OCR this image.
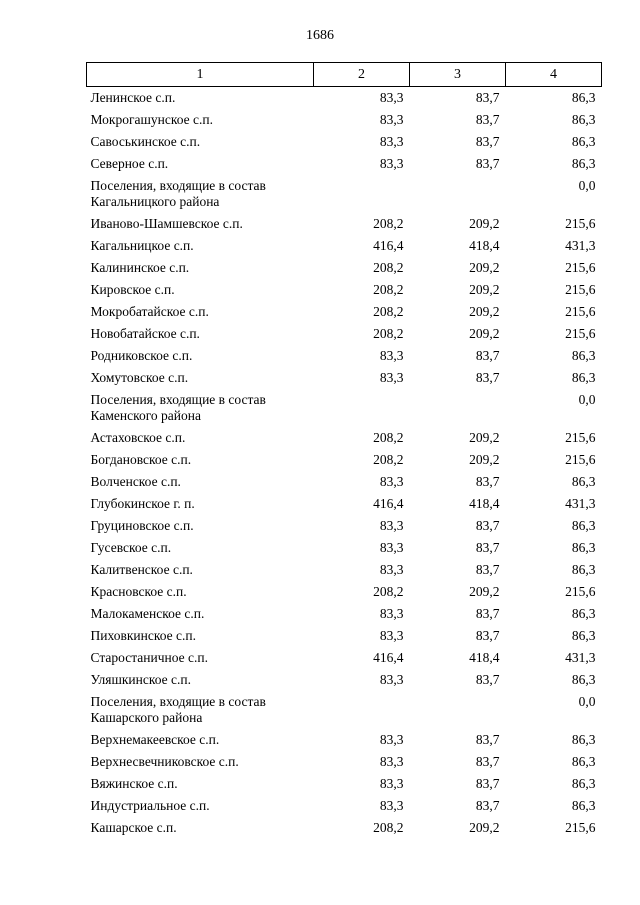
1686
1	2	3	4
Ленинское с.п.	83,3	83,7	86,3
Мокрогашунское с.п.	83,3	83,7	86,3
Савоськинское с.п.	83,3	83,7	86,3
Северное с.п.	83,3	83,7	86,3
Поселения, входящие в состав Кагальницкого района			0,0
Иваново-Шамшевское с.п.	208,2	209,2	215,6
Кагальницкое с.п.	416,4	418,4	431,3
Калининское с.п.	208,2	209,2	215,6
Кировское с.п.	208,2	209,2	215,6
Мокробатайское с.п.	208,2	209,2	215,6
Новобатайское с.п.	208,2	209,2	215,6
Родниковское с.п.	83,3	83,7	86,3
Хомутовское с.п.	83,3	83,7	86,3
Поселения, входящие в состав Каменского района			0,0
Астаховское с.п.	208,2	209,2	215,6
Богдановское с.п.	208,2	209,2	215,6
Волченское с.п.	83,3	83,7	86,3
Глубокинское г. п.	416,4	418,4	431,3
Груциновское с.п.	83,3	83,7	86,3
Гусевское с.п.	83,3	83,7	86,3
Калитвенское с.п.	83,3	83,7	86,3
Красновское с.п.	208,2	209,2	215,6
Малокаменское с.п.	83,3	83,7	86,3
Пиховкинское с.п.	83,3	83,7	86,3
Старостаничное с.п.	416,4	418,4	431,3
Уляшкинское с.п.	83,3	83,7	86,3
Поселения, входящие в состав Кашарского района			0,0
Верхнемакеевское с.п.	83,3	83,7	86,3
Верхнесвечниковское с.п.	83,3	83,7	86,3
Вяжинское с.п.	83,3	83,7	86,3
Индустриальное с.п.	83,3	83,7	86,3
Кашарское с.п.	208,2	209,2	215,6
